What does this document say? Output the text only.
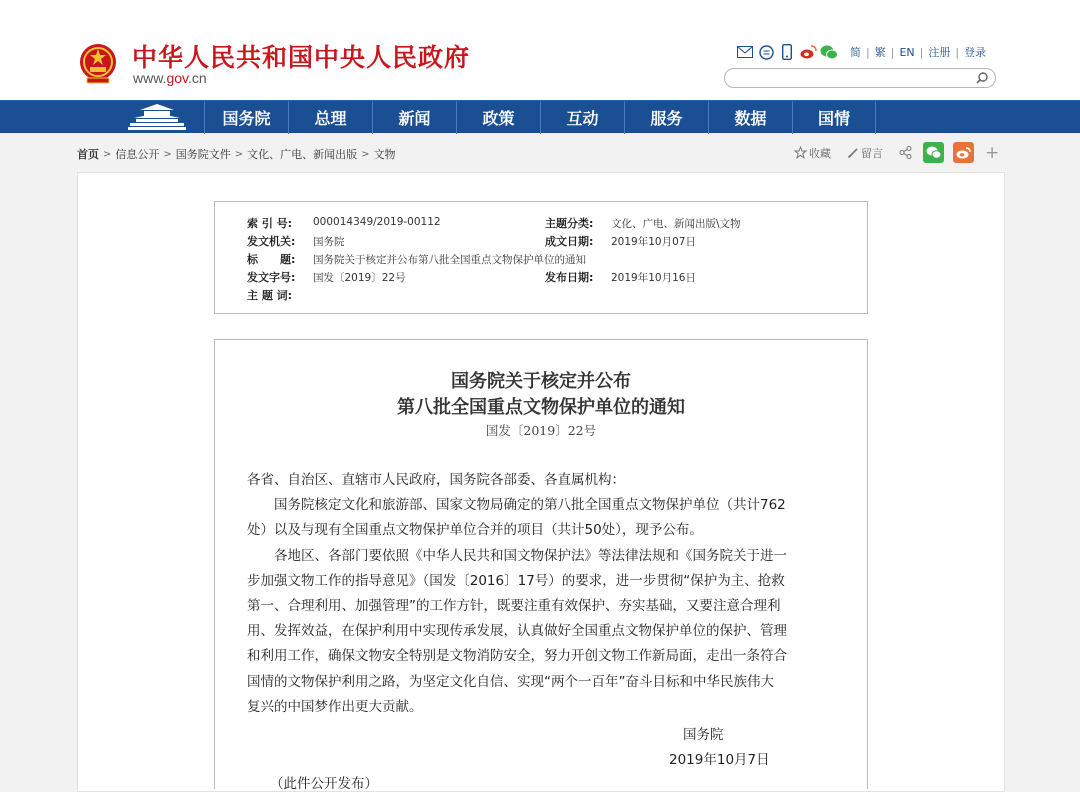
中华人民共和国中央人民政府
www.gov.cn
简 | 繁 | EN | 注册 | 登录
国务院	总理	新闻	政策	互动	服务	数据	国情
首页 > 信息公开 > 国务院文件 > 文化、广电、新闻出版 > 文物	收藏	留言	+
索 引 号: 000014349/2019-00112	主题分类: 文化、广电、新闻出版\文物
发文机关: 国务院	成文日期: 2019年10月07日
标　　题: 国务院关于核定并公布第八批全国重点文物保护单位的通知
发文字号: 国发〔2019〕22号	发布日期: 2019年10月16日
主 题 词:
国务院关于核定并公布
第八批全国重点文物保护单位的通知
国发〔2019〕22号

各省、自治区、直辖市人民政府，国务院各部委、各直属机构：

　　国务院核定文化和旅游部、国家文物局确定的第八批全国重点文物保护单位（共计762

处）以及与现有全国重点文物保护单位合并的项目（共计50处），现予公布。

　　各地区、各部门要依照《中华人民共和国文物保护法》等法律法规和《国务院关于进一

步加强文物工作的指导意见》（国发〔2016〕17号）的要求，进一步贯彻“保护为主、抢救

第一、合理利用、加强管理”的工作方针，既要注重有效保护、夯实基础，又要注意合理利

用、发挥效益，在保护利用中实现传承发展，认真做好全国重点文物保护单位的保护、管理

和利用工作，确保文物安全特别是文物消防安全，努力开创文物工作新局面，走出一条符合

国情的文物保护利用之路，为坚定文化自信、实现“两个一百年”奋斗目标和中华民族伟大

复兴的中国梦作出更大贡献。

国务院
2019年10月7日
（此件公开发布）
